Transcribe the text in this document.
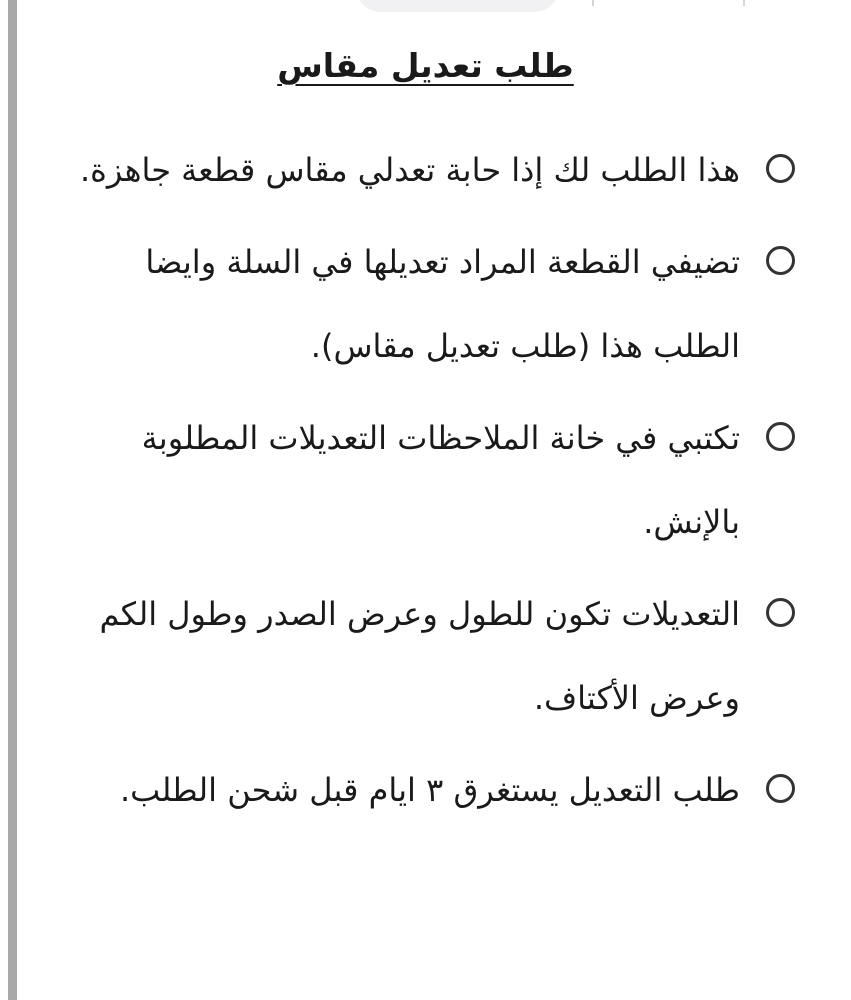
طلب تعديل مقاس
هذا الطلب لك إذا حابة تعدلي مقاس قطعة جاهزة.
تضيفي القطعة المراد تعديلها في السلة وايضا الطلب هذا (طلب تعديل مقاس).
تكتبي في خانة الملاحظات التعديلات المطلوبة بالإنش.
التعديلات تكون للطول وعرض الصدر وطول الكم وعرض الأكتاف.
طلب التعديل يستغرق ٣ ايام قبل شحن الطلب.
